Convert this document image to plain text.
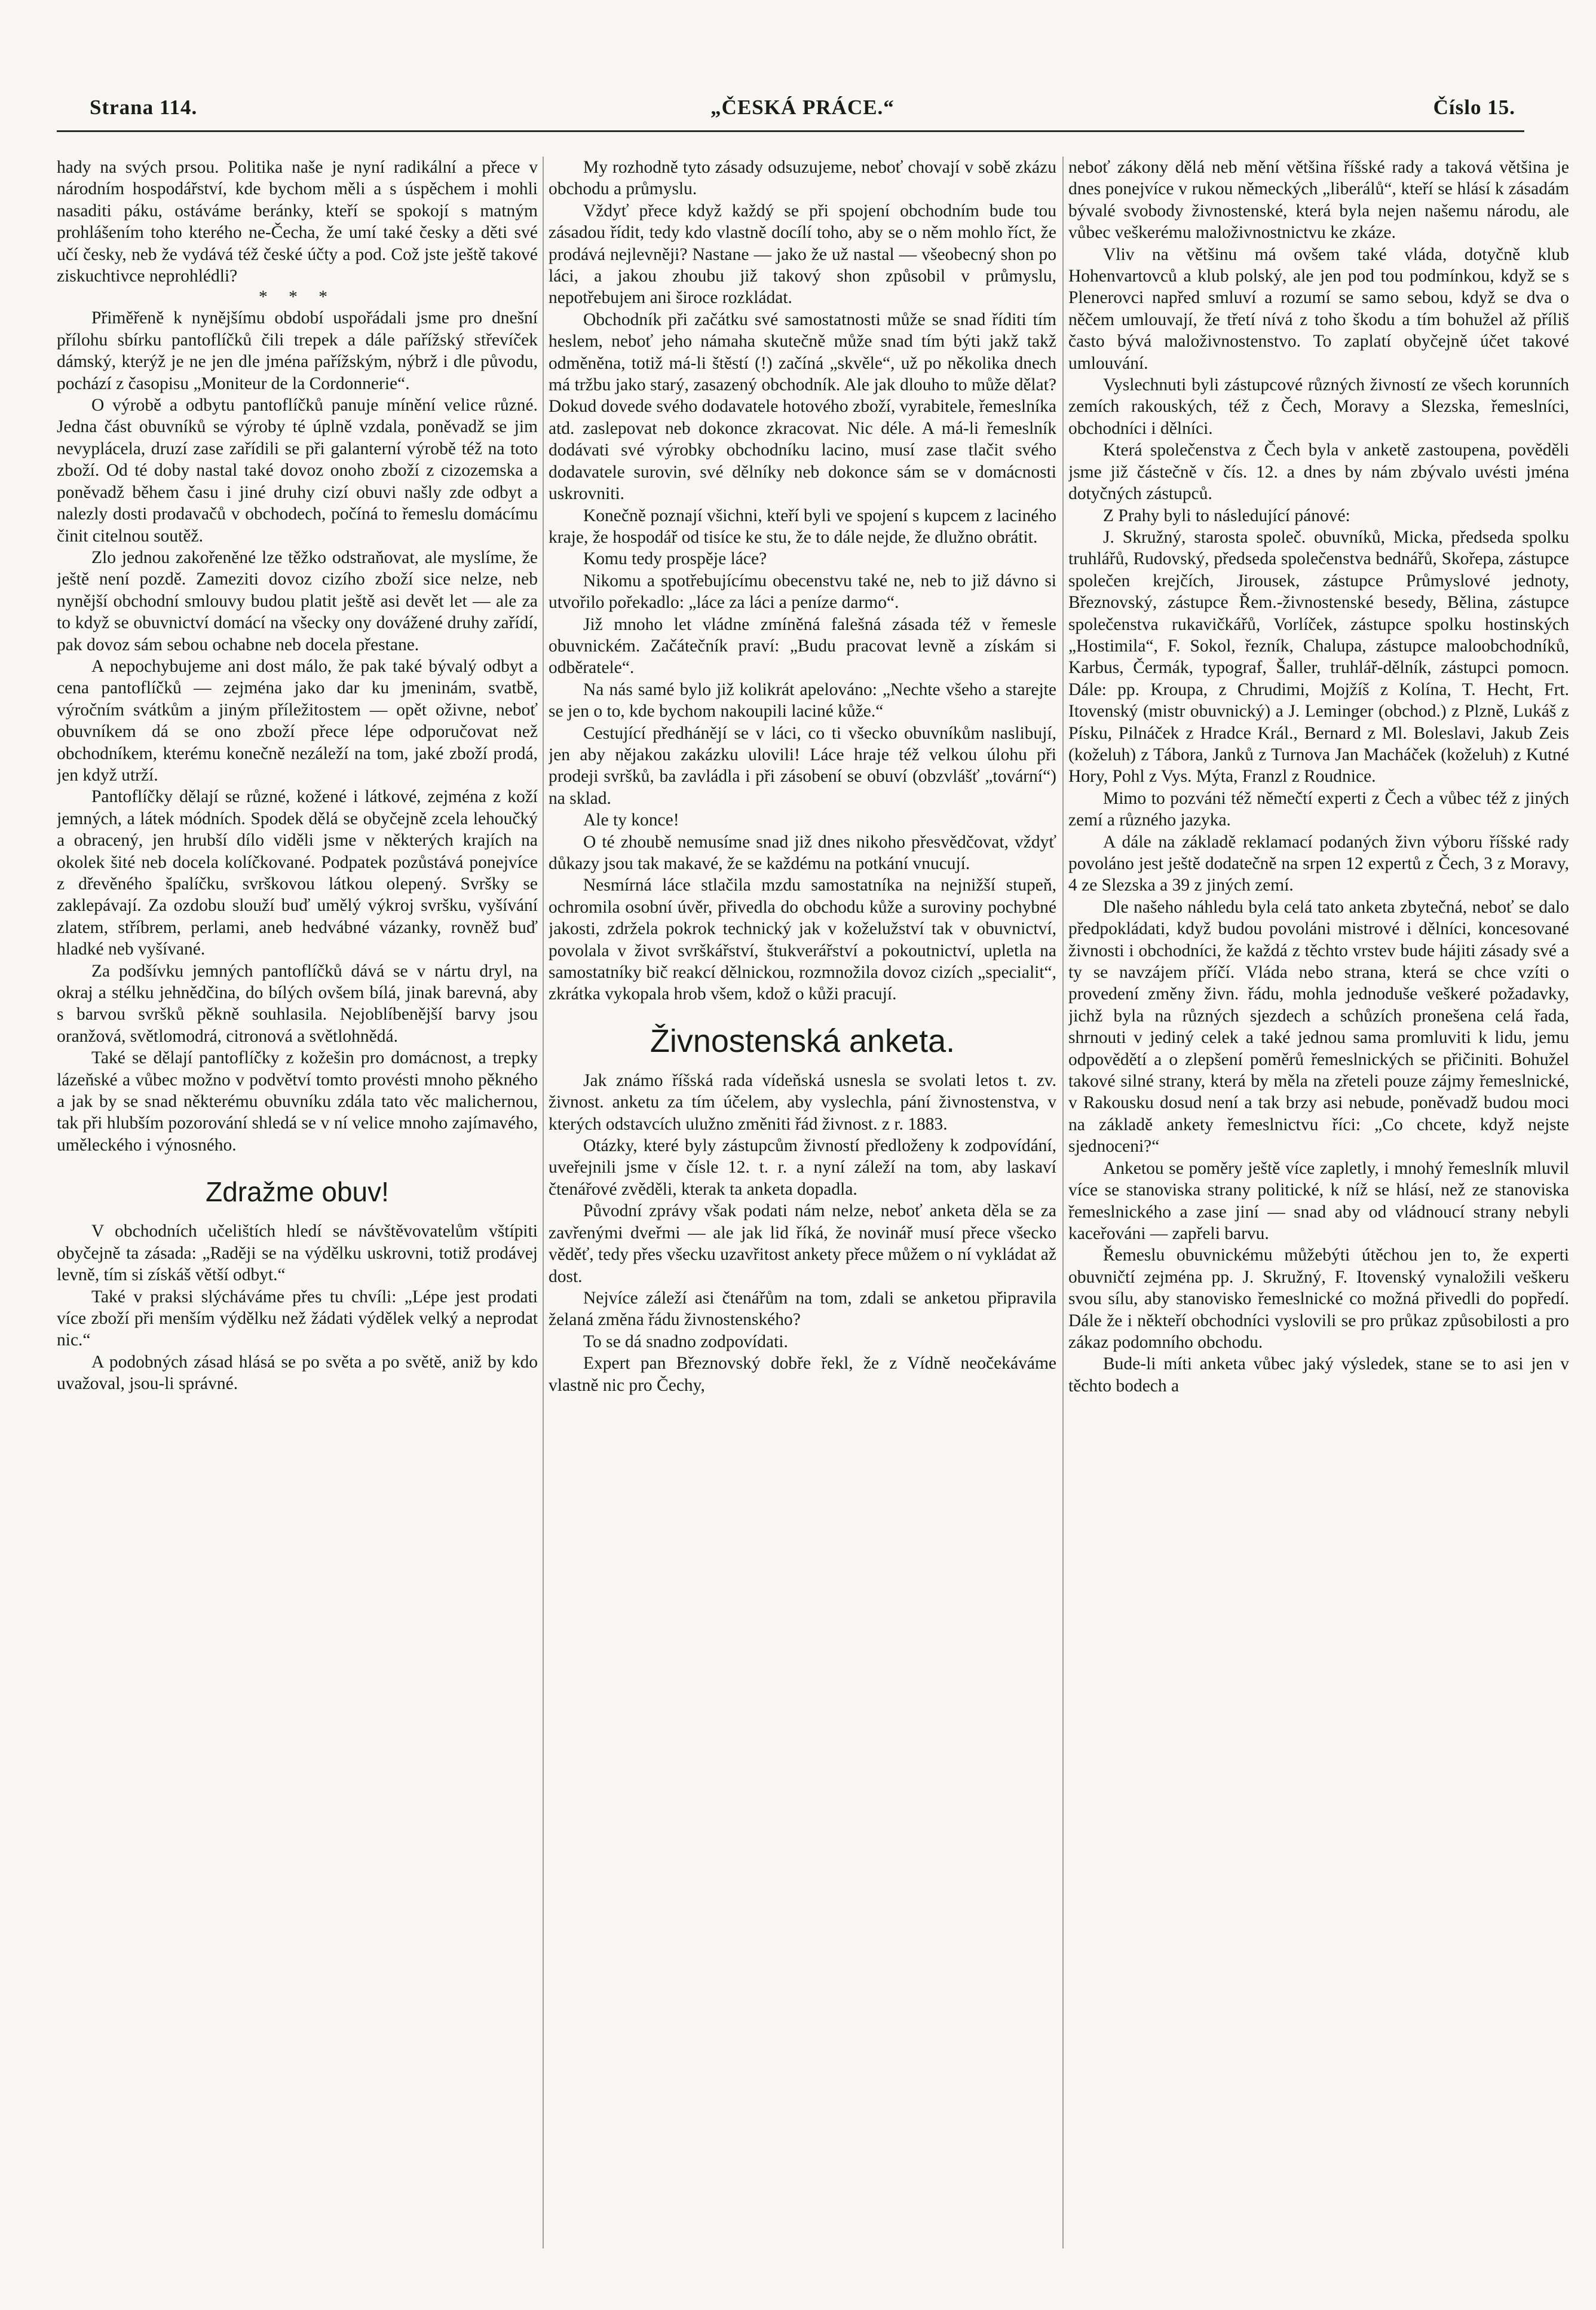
Strana 114.	„ČESKÁ PRÁCE.“	Číslo 15.

hady na svých prsou. Politika naše je nyní radikální a přece v národním hospodářství, kde bychom měli a s úspěchem i mohli nasaditi páku, ostáváme beránky, kteří se spokojí s matným prohlášením toho kterého ne-Čecha, že umí také česky a děti své učí česky, neb že vydává též české účty a pod. Což jste ještě takové ziskuchtivce neprohlédli?

* * *

Přiměřeně k nynějšímu období uspořádali jsme pro dnešní přílohu sbírku pantoflíčků čili trepek a dále pařížský střevíček dámský, kterýž je ne jen dle jména pařížským, nýbrž i dle původu, pochází z časopisu „Moniteur de la Cordonnerie“.

O výrobě a odbytu pantoflíčků panuje mínění velice různé. Jedna část obuvníků se výroby té úplně vzdala, poněvadž se jim nevyplácela, druzí zase zařídili se při galanterní výrobě též na toto zboží. Od té doby nastal také dovoz onoho zboží z cizozemska a poněvadž během času i jiné druhy cizí obuvi našly zde odbyt a nalezly dosti prodavačů v obchodech, počíná to řemeslu domácímu činit citelnou soutěž.

Zlo jednou zakořeněné lze těžko odstraňovat, ale myslíme, že ještě není pozdě. Zameziti dovoz cizího zboží sice nelze, neb nynější obchodní smlouvy budou platit ještě asi devět let — ale za to když se obuvnictví domácí na všecky ony dovážené druhy zařídí, pak dovoz sám sebou ochabne neb docela přestane.

A nepochybujeme ani dost málo, že pak také bývalý odbyt a cena pantoflíčků — zejména jako dar ku jmeninám, svatbě, výročním svátkům a jiným příležitostem — opět oživne, neboť obuvníkem dá se ono zboží přece lépe odporučovat než obchodníkem, kterému konečně nezáleží na tom, jaké zboží prodá, jen když utrží.

Pantoflíčky dělají se různé, kožené i látkové, zejména z koží jemných, a látek módních. Spodek dělá se obyčejně zcela lehoučký a obracený, jen hrubší dílo viděli jsme v některých krajích na okolek šité neb docela kolíčkované. Podpatek pozůstává ponejvíce z dřevěného špalíčku, svrškovou látkou olepený. Svršky se zaklepávají. Za ozdobu slouží buď umělý výkroj svršku, vyšívání zlatem, stříbrem, perlami, aneb hedvábné vázanky, rovněž buď hladké neb vyšívané.

Za podšívku jemných pantoflíčků dává se v nártu dryl, na okraj a stélku jehnědčina, do bílých ovšem bílá, jinak barevná, aby s barvou svršků pěkně souhlasila. Nejoblíbenější barvy jsou oranžová, světlomodrá, citronová a světlohnědá.

Také se dělají pantoflíčky z kožešin pro domácnost, a trepky lázeňské a vůbec možno v podvětví tomto provésti mnoho pěkného a jak by se snad některému obuvníku zdála tato věc malichernou, tak při hlubším pozorování shledá se v ní velice mnoho zajímavého, uměleckého i výnosného.

Zdražme obuv!

V obchodních učelištích hledí se návštěvovatelům vštípiti obyčejně ta zásada: „Raději se na výdělku uskrovni, totiž prodávej levně, tím si získáš větší odbyt.“

Také v praksi slýcháváme přes tu chvíli: „Lépe jest prodati více zboží při menším výdělku než žádati výdělek velký a neprodat nic.“

A podobných zásad hlásá se po světa a po světě, aniž by kdo uvažoval, jsou-li správné.

My rozhodně tyto zásady odsuzujeme, neboť chovají v sobě zkázu obchodu a průmyslu.

Vždyť přece když každý se při spojení obchodním bude tou zásadou řídit, tedy kdo vlastně docílí toho, aby se o něm mohlo říct, že prodává nejlevněji? Nastane — jako že už nastal — všeobecný shon po láci, a jakou zhoubu již takový shon způsobil v průmyslu, nepotřebujem ani široce rozkládat.

Obchodník při začátku své samostatnosti může se snad říditi tím heslem, neboť jeho námaha skutečně může snad tím býti jakž takž odměněna, totiž má-li štěstí (!) začíná „skvěle“, už po několika dnech má tržbu jako starý, zasazený obchodník. Ale jak dlouho to může dělat? Dokud dovede svého dodavatele hotového zboží, vyrabitele, řemeslníka atd. zaslepovat neb dokonce zkracovat. Nic déle. A má-li řemeslník dodávati své výrobky obchodníku lacino, musí zase tlačit svého dodavatele surovin, své dělníky neb dokonce sám se v domácnosti uskrovniti.

Konečně poznají všichni, kteří byli ve spojení s kupcem z laciného kraje, že hospodář od tisíce ke stu, že to dále nejde, že dlužno obrátit.

Komu tedy prospěje láce?

Nikomu a spotřebujícímu obecenstvu také ne, neb to již dávno si utvořilo pořekadlo: „láce za láci a peníze darmo“.

Již mnoho let vládne zmíněná falešná zásada též v řemesle obuvnickém. Začátečník praví: „Budu pracovat levně a získám si odběratele“.

Na nás samé bylo již kolikrát apelováno: „Nechte všeho a starejte se jen o to, kde bychom nakoupili laciné kůže.“

Cestující předhánějí se v láci, co ti všecko obuvníkům naslibují, jen aby nějakou zakázku ulovili! Láce hraje též velkou úlohu při prodeji svršků, ba zavládla i při zásobení se obuví (obzvlášť „tovární“) na sklad.

Ale ty konce!

O té zhoubě nemusíme snad již dnes nikoho přesvědčovat, vždyť důkazy jsou tak makavé, že se každému na potkání vnucují.

Nesmírná láce stlačila mzdu samostatníka na nejnižší stupeň, ochromila osobní úvěr, přivedla do obchodu kůže a suroviny pochybné jakosti, zdržela pokrok technický jak v koželužství tak v obuvnictví, povolala v život svrškářství, štukverářství a pokoutnictví, upletla na samostatníky bič reakcí dělnickou, rozmnožila dovoz cizích „specialit“, zkrátka vykopala hrob všem, kdož o kůži pracují.

Živnostenská anketa.

Jak známo říšská rada vídeňská usnesla se svolati letos t. zv. živnost. anketu za tím účelem, aby vyslechla, pání živnostenstva, v kterých odstavcích ulužno změniti řád živnost. z r. 1883.

Otázky, které byly zástupcům živností předloženy k zodpovídání, uveřejnili jsme v čísle 12. t. r. a nyní záleží na tom, aby laskaví čtenářové zvěděli, kterak ta anketa dopadla.

Původní zprávy však podati nám nelze, neboť anketa děla se za zavřenými dveřmi — ale jak lid říká, že novinář musí přece všecko věděť, tedy přes všecku uzavřitost ankety přece můžem o ní vykládat až dost.

Nejvíce záleží asi čtenářům na tom, zdali se anketou připravila želaná změna řádu živnostenského?

To se dá snadno zodpovídati.

Expert pan Březnovský dobře řekl, že z Vídně neočekáváme vlastně nic pro Čechy,

neboť zákony dělá neb mění většina říšské rady a taková většina je dnes ponejvíce v rukou německých „liberálů“, kteří se hlásí k zásadám bývalé svobody živnostenské, která byla nejen našemu národu, ale vůbec veškerému maloživnostnictvu ke zkáze.

Vliv na většinu má ovšem také vláda, dotyčně klub Hohenvartovců a klub polský, ale jen pod tou podmínkou, když se s Plenerovci napřed smluví a rozumí se samo sebou, když se dva o něčem umlouvají, že třetí nívá z toho škodu a tím bohužel až příliš často bývá maloživnostenstvo. To zaplatí obyčejně účet takové umlouvání.

Vyslechnuti byli zástupcové různých živností ze všech korunních zemích rakouských, též z Čech, Moravy a Slezska, řemeslníci, obchodníci i dělníci.

Která společenstva z Čech byla v anketě zastoupena, pověděli jsme již částečně v čís. 12. a dnes by nám zbývalo uvésti jména dotyčných zástupců.

Z Prahy byli to následující pánové:

J. Skružný, starosta společ. obuvníků, Micka, předseda spolku truhlářů, Rudovský, předseda společenstva bednářů, Skořepa, zástupce společen krejčích, Jirousek, zástupce Průmyslové jednoty, Březnovský, zástupce Řem.-živnostenské besedy, Bělina, zástupce společenstva rukavičkářů, Vorlíček, zástupce spolku hostinských „Hostimila“, F. Sokol, řezník, Chalupa, zástupce maloobchodníků, Karbus, Čermák, typograf, Šaller, truhlář-dělník, zástupci pomocn. Dále: pp. Kroupa, z Chrudimi, Mojžíš z Kolína, T. Hecht, Frt. Itovenský (mistr obuvnický) a J. Leminger (obchod.) z Plzně, Lukáš z Písku, Pilnáček z Hradce Král., Bernard z Ml. Boleslavi, Jakub Zeis (koželuh) z Tábora, Janků z Turnova Jan Macháček (koželuh) z Kutné Hory, Pohl z Vys. Mýta, Franzl z Roudnice.

Mimo to pozváni též němečtí experti z Čech a vůbec též z jiných zemí a různého jazyka.

A dále na základě reklamací podaných živn výboru říšské rady povoláno jest ještě dodatečně na srpen 12 expertů z Čech, 3 z Moravy, 4 ze Slezska a 39 z jiných zemí.

Dle našeho náhledu byla celá tato anketa zbytečná, neboť se dalo předpokládati, když budou povoláni mistrové i dělníci, koncesované živnosti i obchodníci, že každá z těchto vrstev bude hájiti zásady své a ty se navzájem příčí. Vláda nebo strana, která se chce vzíti o provedení změny živn. řádu, mohla jednoduše veškeré požadavky, jichž byla na různých sjezdech a schůzích pronešena celá řada, shrnouti v jediný celek a také jednou sama promluviti k lidu, jemu odpovědětí a o zlepšení poměrů řemeslnických se přičiniti. Bohužel takové silné strany, která by měla na zřeteli pouze zájmy řemeslnické, v Rakousku dosud není a tak brzy asi nebude, poněvadž budou moci na základě ankety řemeslnictvu říci: „Co chcete, když nejste sjednoceni?“

Anketou se poměry ještě více zapletly, i mnohý řemeslník mluvil více se stanoviska strany politické, k níž se hlásí, než ze stanoviska řemeslnického a zase jiní — snad aby od vládnoucí strany nebyli kaceřováni — zapřeli barvu.

Řemeslu obuvnickému můžebýti útěchou jen to, že experti obuvničtí zejména pp. J. Skružný, F. Itovenský vynaložili veškeru svou sílu, aby stanovisko řemeslnické co možná přivedli do popředí. Dále že i někteří obchodníci vyslovili se pro průkaz způsobilosti a pro zákaz podomního obchodu.

Bude-li míti anketa vůbec jaký výsledek, stane se to asi jen v těchto bodech a
